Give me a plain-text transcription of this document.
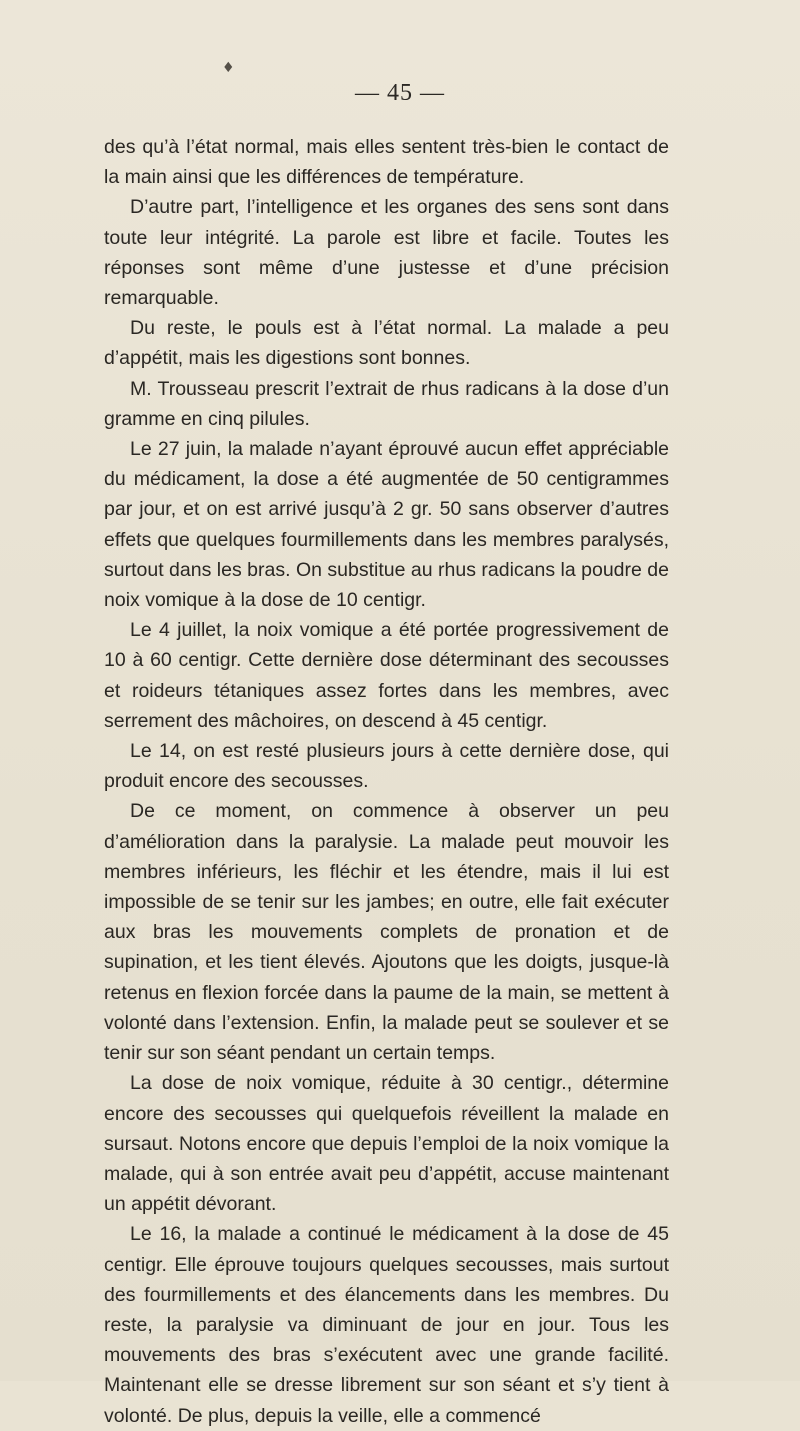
♦
— 45 —

des qu’à l’état normal, mais elles sentent très-bien le contact de la main ainsi que les différences de température.

D’autre part, l’intelligence et les organes des sens sont dans toute leur intégrité. La parole est libre et facile. Toutes les réponses sont même d’une justesse et d’une précision remarquable.

Du reste, le pouls est à l’état normal. La malade a peu d’appétit, mais les digestions sont bonnes.

M. Trousseau prescrit l’extrait de rhus radicans à la dose d’un gramme en cinq pilules.

Le 27 juin, la malade n’ayant éprouvé aucun effet appréciable du médicament, la dose a été augmentée de 50 centigrammes par jour, et on est arrivé jusqu’à 2 gr. 50 sans observer d’autres effets que quelques fourmillements dans les membres paralysés, surtout dans les bras. On substitue au rhus radicans la poudre de noix vomique à la dose de 10 centigr.

Le 4 juillet, la noix vomique a été portée progressivement de 10 à 60 centigr. Cette dernière dose déterminant des secousses et roideurs tétaniques assez fortes dans les membres, avec serrement des mâchoires, on descend à 45 centigr.

Le 14, on est resté plusieurs jours à cette dernière dose, qui produit encore des secousses.

De ce moment, on commence à observer un peu d’amélioration dans la paralysie. La malade peut mouvoir les membres inférieurs, les fléchir et les étendre, mais il lui est impossible de se tenir sur les jambes; en outre, elle fait exécuter aux bras les mouvements complets de pronation et de supination, et les tient élevés. Ajoutons que les doigts, jusque-là retenus en flexion forcée dans la paume de la main, se mettent à volonté dans l’extension. Enfin, la malade peut se soulever et se tenir sur son séant pendant un certain temps.

La dose de noix vomique, réduite à 30 centigr., détermine encore des secousses qui quelquefois réveillent la malade en sursaut. Notons encore que depuis l’emploi de la noix vomique la malade, qui à son entrée avait peu d’appétit, accuse maintenant un appétit dévorant.

Le 16, la malade a continué le médicament à la dose de 45 centigr. Elle éprouve toujours quelques secousses, mais surtout des fourmillements et des élancements dans les membres. Du reste, la paralysie va diminuant de jour en jour. Tous les mouvements des bras s’exécutent avec une grande facilité. Maintenant elle se dresse librement sur son séant et s’y tient à volonté. De plus, depuis la veille, elle a commencé
